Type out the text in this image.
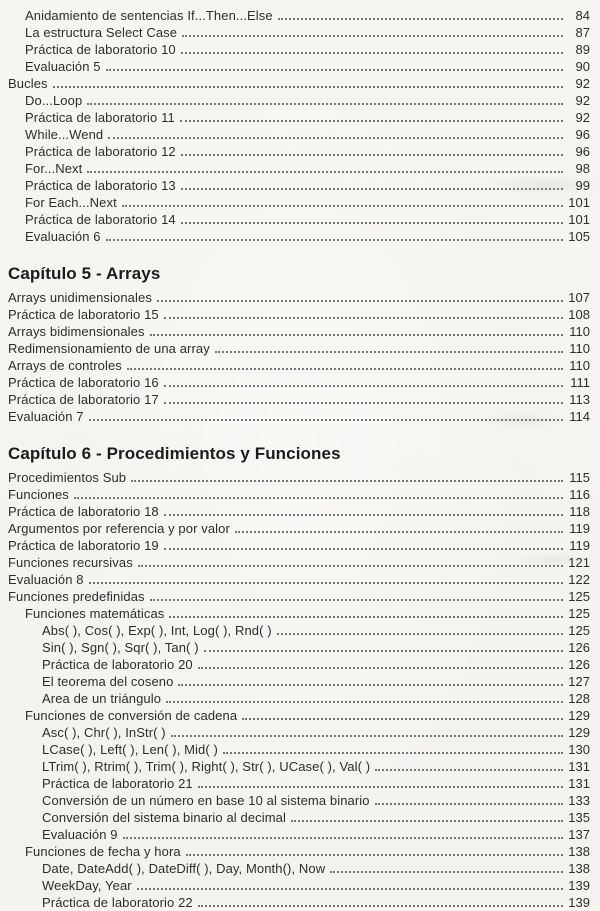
Anidamiento de sentencias If...Then...Else	84
La estructura Select Case	87
Práctica de laboratorio 10	89
Evaluación 5	90
Bucles	92
Do...Loop	92
Práctica de laboratorio 11	92
While...Wend	96
Práctica de laboratorio 12	96
For...Next	98
Práctica de laboratorio 13	99
For Each...Next	101
Práctica de laboratorio 14	101
Evaluación 6	105
Capítulo 5 - Arrays
Arrays unidimensionales	107
Práctica de laboratorio 15	108
Arrays bidimensionales	110
Redimensionamiento de una array	110
Arrays de controles	110
Práctica de laboratorio 16	111
Práctica de laboratorio 17	113
Evaluación 7	114
Capítulo 6 - Procedimientos y Funciones
Procedimientos Sub	115
Funciones	116
Práctica de laboratorio 18	118
Argumentos por referencia y por valor	119
Práctica de laboratorio 19	119
Funciones recursivas	121
Evaluación 8	122
Funciones predefinidas	125
Funciones matemáticas	125
Abs( ), Cos( ), Exp( ), Int, Log( ), Rnd( )	125
Sin( ), Sgn( ), Sqr( ), Tan( )	126
Práctica de laboratorio 20	126
El teorema del coseno	127
Area de un triángulo	128
Funciones de conversión de cadena	129
Asc( ), Chr( ), InStr( )	129
LCase( ), Left( ), Len( ), Mid( )	130
LTrim( ), Rtrim( ), Trim( ), Right( ), Str( ), UCase( ), Val( )	131
Práctica de laboratorio 21	131
Conversión de un número en base 10 al sistema binario	133
Conversión del sistema binario al decimal	135
Evaluación 9	137
Funciones de fecha y hora	138
Date, DateAdd( ), DateDiff( ), Day, Month(), Now	138
WeekDay, Year	139
Práctica de laboratorio 22	139
